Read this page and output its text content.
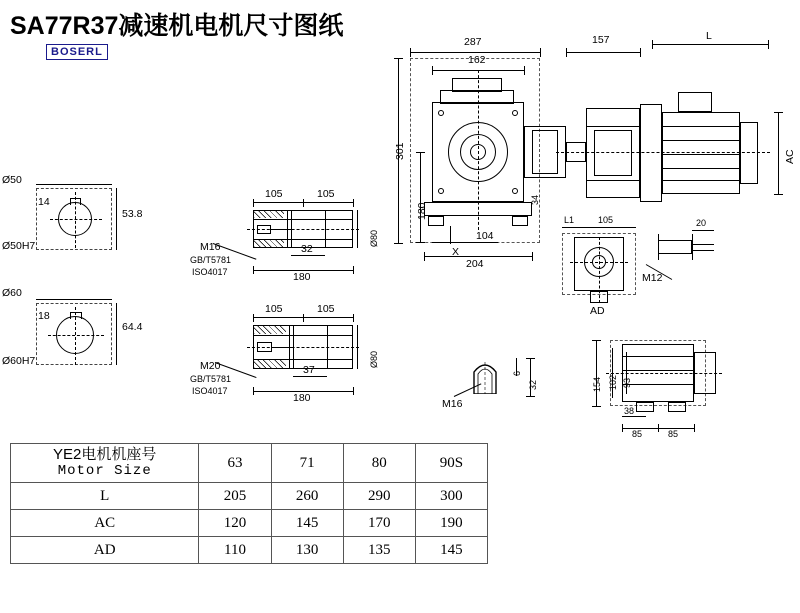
SA77R37减速机电机尺寸图纸
BOSERL
Ø50
14
53.8
Ø50H7
Ø60
18
64.4
Ø60H7
105	105
Ø80
32
180
M16
GB/T5781
ISO4017
105	105
Ø80
37
180
M20
GB/T5781
ISO4017
287
162
157	L
301
180
34
AC
X
104
204
L1	105
AD
20
M12
M16
6
32	154 102 93
38
85	85
YE2电机机座号
Motor Size	63	71	80	90S
L	205	260	290	300
AC	120	145	170	190
AD	110	130	135	145
